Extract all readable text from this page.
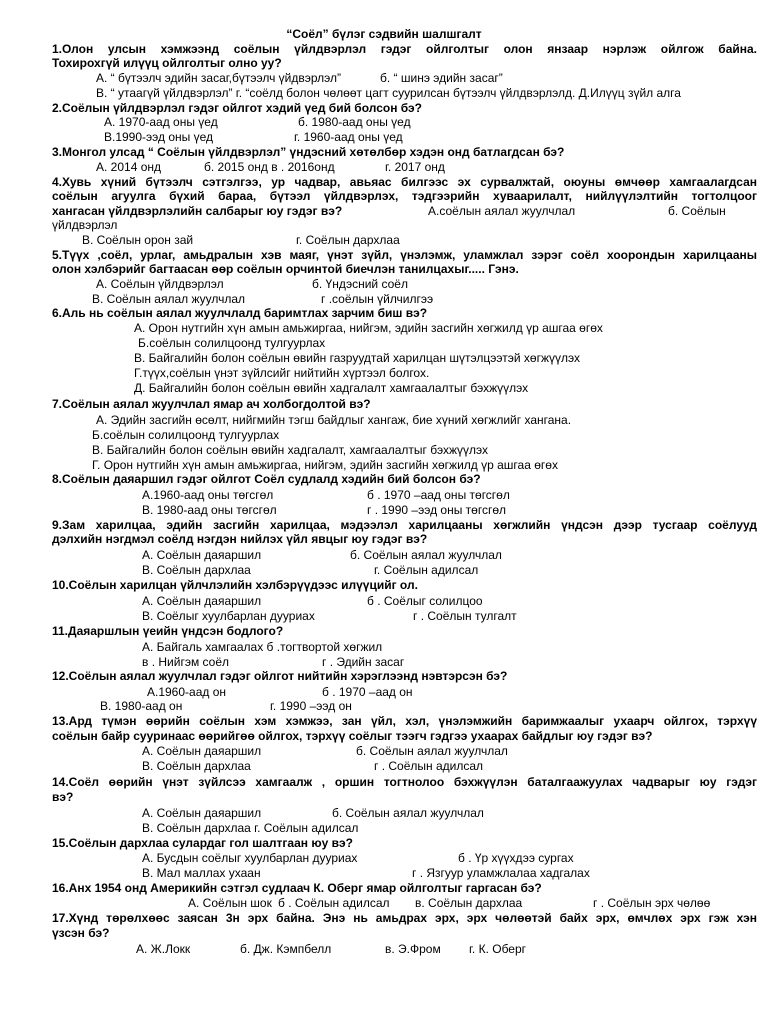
“Соёл” бүлэг сэдвийн шалшгалт
1.Олон улсын хэмжээнд соёлын үйлдвэрлэл гэдэг ойлголтыг олон янзаар нэрлэж ойлгож байна.
Тохирохгүй илүүц ойлголтыг олно уу?
А. “ бүтээлч эдийн засаг,бүтээлч үйдвэрлэл”	б. “ шинэ эдийн засаг”
В. “ утаагүй үйлдвэрлэл” г. “соёлд болон чөлөөт цагт суурилсан бүтээлч үйлдвэрлэлд. Д.Илүүц зүйл алга
2.Соёлын үйлдвэрлэл гэдэг ойлгот хэдий үед бий болсон бэ?
А. 1970-аад оны үед	б. 1980-аад оны үед
В.1990-ээд оны үед	г. 1960-аад оны үед
3.Монгол улсад “ Соёлын үйлдвэрлэл” үндэсний хөтөлбөр хэдэн онд батлагдсан бэ?
А. 2014 онд	б. 2015 онд в . 2016онд	г. 2017 онд
4.Хувь хүний бүтээлч сэтгэлгээ, ур чадвар, авьяас билгээс эх сурвалжтай, оюуны өмчөөр хамгаалагдсан
соёлын агуулга бүхий бараа, бүтээл үйлдвэрлэх, тэдгээрийн хуваарилалт, нийлүүлэлтийн тогтолцоог
хангасан үйлдвэрлэлийн салбарыг юу гэдэг вэ?	А.соёлын аялал жуулчлал	б. Соёлын
үйлдвэрлэл
В. Соёлын орон зай	г. Соёлын дархлаа
5.Түүх ,соёл, урлаг, амьдралын хэв маяг, үнэт зүйл, үнэлэмж, уламжлал зэрэг соёл хоорондын харилцааны
олон хэлбэрийг багтаасан өөр соёлын орчинтой биечлэн танилцахыг..... Гэнэ.
А. Соёлын үйлдвэрлэл	б. Үндэсний соёл
В. Соёлын аялал жуулчлал	г .соёлын үйлчилгээ
6.Аль нь соёлын аялал жуулчлалд баримтлах зарчим биш вэ?
А. Орон нутгийн хүн амын амьжиргаа, нийгэм, эдийн засгийн хөгжилд үр ашгаа өгөх
Б.соёлын солилцоонд тулгуурлах
В. Байгалийн болон соёлын өвийн газруудтай харилцан шүтэлцээтэй хөгжүүлэх
Г.түүх,соёлын үнэт зүйлсийг нийтийн хүртээл болгох.
Д. Байгалийн болон соёлын өвийн хадгалалт хамгаалалтыг бэхжүүлэх
7.Соёлын аялал жуулчлал ямар ач холбогдолтой вэ?
А. Эдийн засгийн өсөлт, нийгмийн тэгш байдлыг хангаж, бие хүний хөгжлийг хангана.
Б.соёлын солилцоонд тулгуурлах
В. Байгалийн болон соёлын өвийн хадгалалт, хамгаалалтыг бэхжүүлэх
Г. Орон нутгийн хүн амын амьжиргаа, нийгэм, эдийн засгийн хөгжилд үр ашгаа өгөх
8.Соёлын даяаршил гэдэг ойлгот Соёл судлалд хэдийн бий болсон бэ?
А.1960-аад оны төгсгөл	б . 1970 –аад оны төгсгөл
В. 1980-аад оны төгсгөл	г . 1990 –ээд оны төгсгөл
9.Зам харилцаа, эдийн засгийн харилцаа, мэдээлэл харилцааны хөгжлийн үндсэн дээр тусгаар соёлууд
дэлхийн нэгдмэл соёлд нэгдэн нийлэх үйл явцыг юу гэдэг вэ?
А. Соёлын даяаршил	б. Соёлын аялал жуулчлал
В. Соёлын дархлаа	г. Соёлын адилсал
10.Соёлын харилцан үйлчлэлийн хэлбэрүүдээс илүүцийг ол.
А. Соёлын даяаршил	б . Соёлыг солилцоо
В. Соёлыг хуулбарлан дууриах	г . Соёлын тулгалт
11.Даяаршлын үеийн үндсэн бодлого?
А. Байгаль хамгаалах б .тогтвортой хөгжил
в . Нийгэм соёл	г . Эдийн засаг
12.Соёлын аялал жуулчлал гэдэг ойлгот нийтийн хэрэглээнд нэвтэрсэн бэ?
А.1960-аад он	б . 1970 –аад он
В. 1980-аад он	г. 1990 –ээд он
13.Ард түмэн өөрийн соёлын хэм хэмжээ, зан үйл, хэл, үнэлэмжийн баримжаалыг ухаарч ойлгох, тэрхүү
соёлын байр суурин​аас өөрийгөө ойлгох, тэрхүү соёлыг тээгч гэдгээ ухаарах байдлыг юу гэдэг вэ?
А. Соёлын даяаршил	б. Соёлын аялал жуулчлал
В. Соёлын дархлаа	г . Соёлын адилсал
14.Соёл өөрийн үнэт зүйлсээ хамгаалж , оршин тогтнолоо бэхжүүлэн баталгаажуулах чадварыг юу гэдэг
вэ?
А. Соёлын даяаршил	б. Соёлын аялал жуулчлал
В. Соёлын дархлаа г. Соёлын адилсал
15.Соёлын дархлаа сулардаг гол шалтгаан юу вэ?
А. Бусдын соёлыг хуулбарлан дууриах	б . Үр хүүхдээ сургах
В. Мал маллах ухаан	г . Язгуур уламжлалаа хадгалах
16.Анх 1954 онд Америкийн сэтгэл судлаач К. Оберг ямар ойлголтыг гаргасан бэ?
А. Соёлын шок б . Соёлын адилсал в. Соёлын дархлаа	г . Соёлын эрх чөлөө
17.Хүнд төрөлхөөс заясан 3н эрх байна. Энэ нь амьдрах эрх, эрх чөлөөтэй байх эрх, өмчлөх эрх гэж хэн
үзсэн бэ?
А. Ж.Локк	б. Дж. Кэмпбелл	в. Э.Фром г. К. Оберг
